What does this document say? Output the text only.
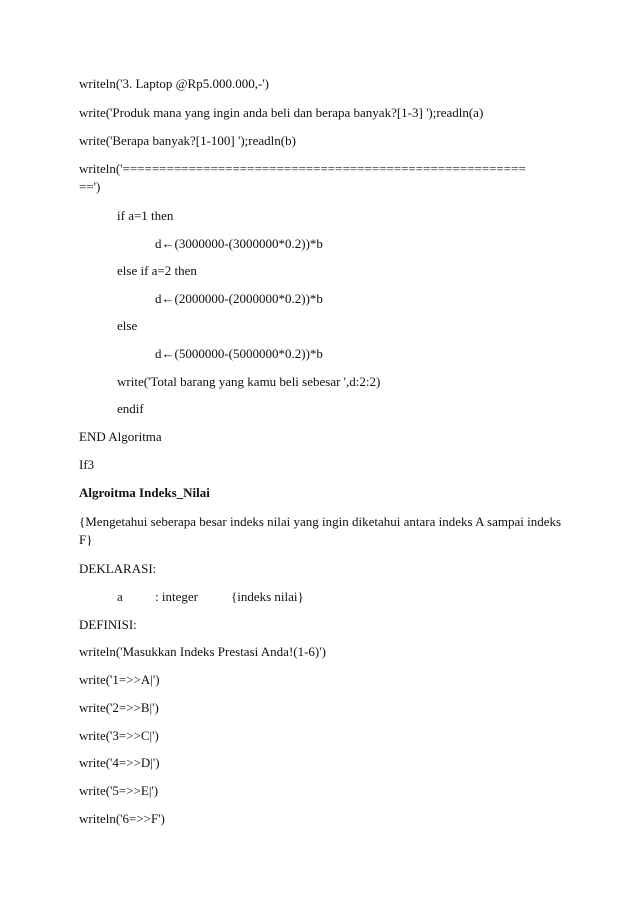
writeln('3. Laptop @Rp5.000.000,-')
write('Produk mana yang ingin anda beli dan berapa banyak?[1-3] ');readln(a)
write('Berapa banyak?[1-100] ');readln(b)
writeln('=======================================================
==')
if a=1 then
d←(3000000-(3000000*0.2))*b
else if a=2 then
d←(2000000-(2000000*0.2))*b
else
d←(5000000-(5000000*0.2))*b
write('Total barang yang kamu beli sebesar ',d:2:2)
endif
END Algoritma
If3
Algroitma Indeks_Nilai
{Mengetahui seberapa besar indeks nilai yang ingin diketahui antara indeks A sampai indeks
F}
DEKLARASI:
a : integer	{indeks nilai}
DEFINISI:
writeln('Masukkan Indeks Prestasi Anda!(1-6)')
write('1=>>A|')
write('2=>>B|')
write('3=>>C|')
write('4=>>D|')
write('5=>>E|')
writeln('6=>>F')
